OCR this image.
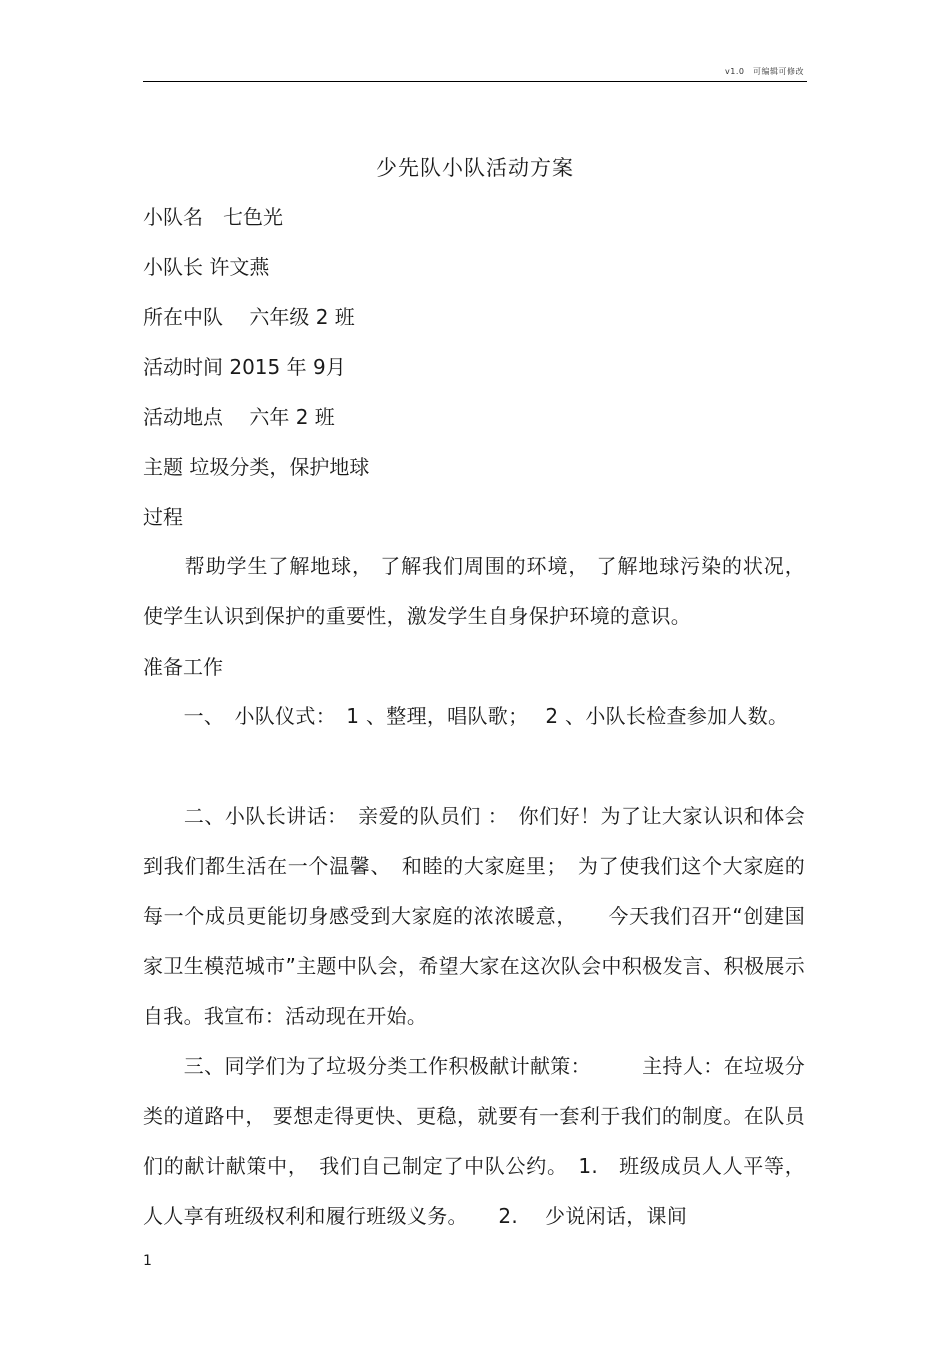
v1.0　可编辑可修改
少先队小队活动方案
小队名　七色光
小队长 许文燕
所在中队　 六年级 2 班
活动时间 2015 年 9月
活动地点　 六年 2 班
主题 垃圾分类，保护地球
过程
　　帮助学生了解地球， 了解我们周围的环境， 了解地球污染的状况，使学生认识到保护的重要性，激发学生自身保护环境的意识。
准备工作
　　一、　小队仪式：　1 、整理，唱队歌；　 2 、小队长检查参加人数。
　　二、小队长讲话：　亲爱的队员们 ：　你们好！为了让大家认识和体会到我们都生活在一个温馨、　和睦的大家庭里；　为了使我们这个大家庭的每一个成员更能切身感受到大家庭的浓浓暖意，　　今天我们召开“创建国家卫生模范城市”主题中队会，希望大家在这次队会中积极发言、积极展示自我。我宣布：活动现在开始。
　　三、同学们为了垃圾分类工作积极献计献策：　　　主持人：在垃圾分类的道路中， 要想走得更快、更稳，就要有一套利于我们的制度。在队员们的献计献策中，　我们自己制定了中队公约。　1.　班级成员人人平等，人人享有班级权利和履行班级义务。　　2.　 少说闲话，课间
1
